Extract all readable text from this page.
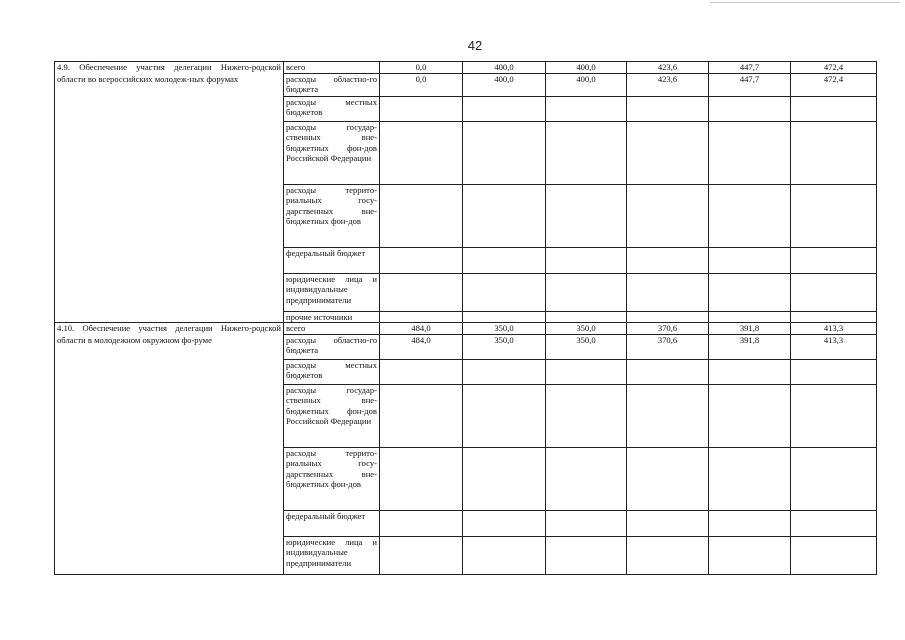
42
4.9. Обеспечение участия делегации Нижего-родской области во всероссийских молодеж-ных форумах	всего	0,0	400,0	400,0	423,6	447,7	472,4
	расходы областно-го бюджета	0,0	400,0	400,0	423,6	447,7	472,4
	расходы местных бюджетов						
	расходы государ-ственных вне-бюджетных фон-дов Российской Федерации						
	расходы террито-риальных госу-дарственных вне-бюджетных фон-дов						
	федеральный бюджет						
	юридические лица и индивидуальные предприниматели						
	прочие источники						
4.10. Обеспечение участия делегации Нижего-родской области в молодежном окружном фо-руме	всего	484,0	350,0	350,0	370,6	391,8	413,3
	расходы областно-го бюджета	484,0	350,0	350,0	370,6	391,8	413,3
	расходы местных бюджетов						
	расходы государ-ственных вне-бюджетных фон-дов Российской Федерации						
	расходы террито-риальных госу-дарственных вне-бюджетных фон-дов						
	федеральный бюджет						
	юридические лица и индивидуальные предприниматели						
